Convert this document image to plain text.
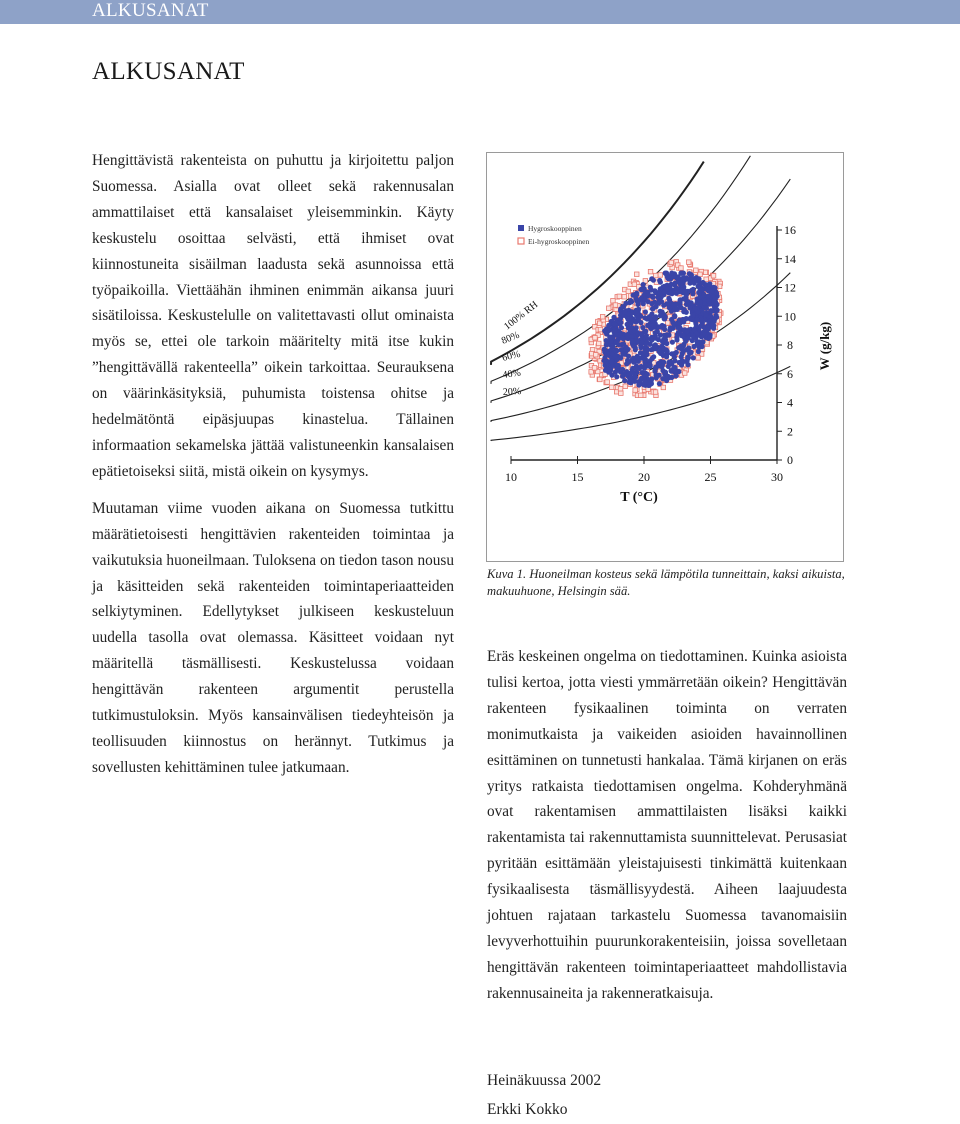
ALKUSANAT
ALKUSANAT

Hengittävistä rakenteista on puhuttu ja kirjoitettu paljon Suomessa. Asialla ovat olleet sekä rakennusalan ammattilaiset että kansalaiset yleisemminkin. Käyty keskustelu osoittaa selvästi, että ihmiset ovat kiinnostuneita sisäilman laadusta sekä asunnoissa että työpaikoilla. Viettäähän ihminen enimmän aikansa juuri sisätiloissa. Keskustelulle on valitettavasti ollut ominaista myös se, ettei ole tarkoin määritelty mitä itse kukin ”hengittävällä rakenteella” oikein tarkoittaa. Seurauksena on väärinkäsityksiä, puhumista toistensa ohitse ja hedelmätöntä eipäsjuupas kinastelua. Tällainen informaation sekamelska jättää valistuneenkin kansalaisen epätietoiseksi siitä, mistä oikein on kysymys.

Muutaman viime vuoden aikana on Suomessa tutkittu määrätietoisesti hengittävien rakenteiden toimintaa ja vaikutuksia huoneilmaan. Tuloksena on tiedon tason nousu ja käsitteiden sekä rakenteiden toimintaperiaatteiden selkiytyminen. Edellytykset julkiseen keskusteluun uudella tasolla ovat olemassa. Käsitteet voidaan nyt määritellä täsmällisesti. Keskustelussa voidaan hengittävän rakenteen argumentit perustella tutkimustuloksin. Myös kansainvälisen tiedeyhteisön ja teollisuuden kiinnostus on herännyt. Tutkimus ja sovellusten kehittäminen tulee jatkumaan.

100% RH
80%
60%
40%
20%
10	15	20	25	30
0
2
4
6
8
10
12
14
16
T (°C)
W (g/kg)
Hygroskooppinen
Ei-hygroskooppinen
Kuva 1. Huoneilman kosteus sekä lämpötila tunneittain, kaksi aikuista, makuuhuone, Helsingin sää.

Eräs keskeinen ongelma on tiedottaminen. Kuinka asioista tulisi kertoa, jotta viesti ymmärretään oikein? Hengittävän rakenteen fysikaalinen toiminta on verraten monimutkaista ja vaikeiden asioiden havainnollinen esittäminen on tunnetusti hankalaa. Tämä kirjanen on eräs yritys ratkaista tiedottamisen ongelma. Kohderyhmänä ovat rakentamisen ammattilaisten lisäksi kaikki rakentamista tai rakennuttamista suunnittelevat. Perusasiat pyritään esittämään yleistajuisesti tinkimättä kuitenkaan fysikaalisesta täsmällisyydestä. Aiheen laajuudesta johtuen rajataan tarkastelu Suomessa tavanomaisiin levyverhottuihin puurunkorakenteisiin, joissa sovelletaan hengittävän rakenteen toimintaperiaatteet mahdollistavia rakennusaineita ja rakenneratkaisuja.

Heinäkuussa 2002
Erkki Kokko
